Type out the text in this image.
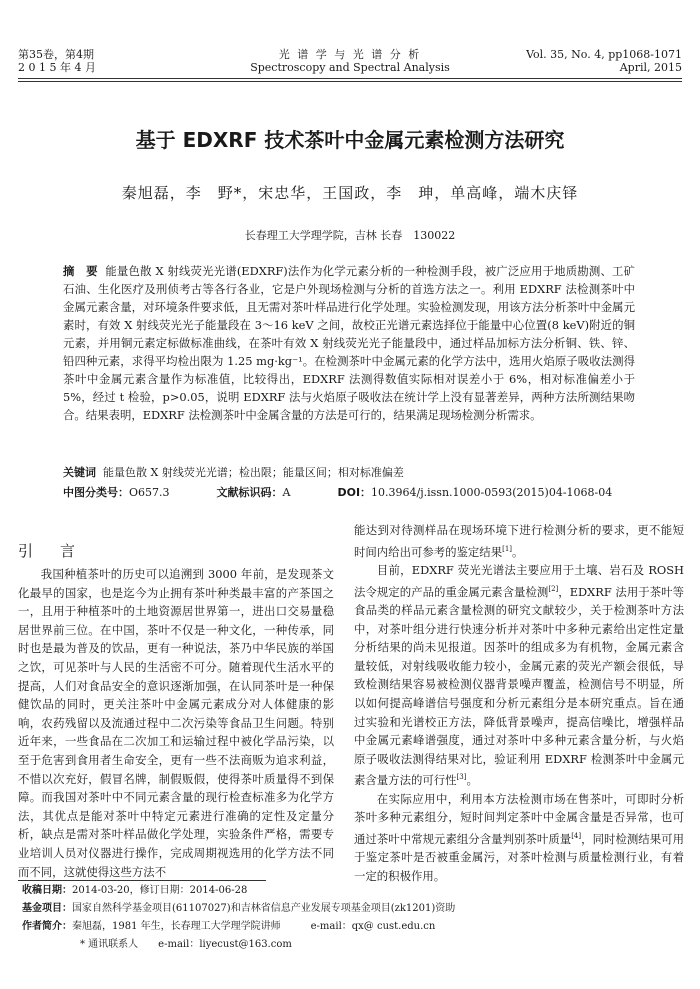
第35卷，第4期
2 0 1 5 年 4 月
光 谱 学 与 光 谱 分 析
Spectroscopy and Spectral Analysis
Vol. 35, No. 4, pp1068-1071
April, 2015
基于 EDXRF 技术茶叶中金属元素检测方法研究
秦旭磊，李　野*，宋忠华，王国政，李　珅，单高峰，端木庆铎
长春理工大学理学院，吉林 长春　130022
摘　要 能量色散 X 射线荧光光谱(EDXRF)法作为化学元素分析的一种检测手段，被广泛应用于地质勘测、工矿石油、生化医疗及刑侦考古等各行各业，它是户外现场检测与分析的首选方法之一。利用 EDXRF 法检测茶叶中金属元素含量，对环境条件要求低，且无需对茶叶样品进行化学处理。实验检测发现，用该方法分析茶叶中金属元素时，有效 X 射线荧光光子能量段在 3～16 keV 之间，故校正光谱元素选择位于能量中心位置(8 keV)附近的铜元素，并用铜元素定标做标准曲线，在茶叶有效 X 射线荧光光子能量段中，通过样品加标方法分析铜、铁、锌、铅四种元素，求得平均检出限为 1.25 mg·kg⁻¹。在检测茶叶中金属元素的化学方法中，选用火焰原子吸收法测得茶叶中金属元素含量作为标准值，比较得出，EDXRF 法测得数值实际相对误差小于 6%，相对标准偏差小于 5%，经过 t 检验，p>0.05，说明 EDXRF 法与火焰原子吸收法在统计学上没有显著差异，两种方法所测结果吻合。结果表明，EDXRF 法检测茶叶中金属含量的方法是可行的，结果满足现场检测分析需求。
关键词 能量色散 X 射线荧光光谱；检出限；能量区间；相对标准偏差
中图分类号：O657.3	文献标识码：A	DOI：10.3964/j.issn.1000-0593(2015)04-1068-04
引　言

我国种植茶叶的历史可以追溯到 3000 年前，是发现茶文化最早的国家，也是迄今为止拥有茶叶种类最丰富的产茶国之一，且用于种植茶叶的土地资源居世界第一，进出口交易量稳居世界前三位。在中国，茶叶不仅是一种文化，一种传承，同时也是最为普及的饮品，更有一种说法，茶乃中华民族的举国之饮，可见茶叶与人民的生活密不可分。随着现代生活水平的提高，人们对食品安全的意识逐渐加强，在认同茶叶是一种保健饮品的同时，更关注茶叶中金属元素成分对人体健康的影响，农药残留以及流通过程中二次污染等食品卫生问题。特别近年来，一些食品在二次加工和运输过程中被化学品污染，以至于危害到食用者生命安全，更有一些不法商贩为追求利益，不惜以次充好，假冒名牌，制假贩假，使得茶叶质量得不到保障。而我国对茶叶中不同元素含量的现行检查标准多为化学方法，其优点是能对茶叶中特定元素进行准确的定性及定量分析，缺点是需对茶叶样品做化学处理，实验条件严格，需要专业培训人员对仪器进行操作，完成周期视选用的化学方法不同而不同，这就使得这些方法不

能达到对待测样品在现场环境下进行检测分析的要求，更不能短时间内给出可参考的鉴定结果[1]。

目前，EDXRF 荧光光谱法主要应用于土壤、岩石及 ROSH 法令规定的产品的重金属元素含量检测[2]，EDXRF 法用于茶叶等食品类的样品元素含量检测的研究文献较少，关于检测茶叶方法中，对茶叶组分进行快速分析并对茶叶中多种元素给出定性定量分析结果的尚未见报道。因茶叶的组成多为有机物，金属元素含量较低，对射线吸收能力较小，金属元素的荧光产额会很低，导致检测结果容易被检测仪器背景噪声覆盖，检测信号不明显，所以如何提高峰谱信号强度和分析元素组分是本研究重点。旨在通过实验和光谱校正方法，降低背景噪声，提高信噪比，增强样品中金属元素峰谱强度，通过对茶叶中多种元素含量分析，与火焰原子吸收法测得结果对比，验证利用 EDXRF 检测茶叶中金属元素含量方法的可行性[3]。

在实际应用中，利用本方法检测市场在售茶叶，可即时分析茶叶多种元素组分，短时间判定茶叶中金属含量是否异常，也可通过茶叶中常规元素组分含量判别茶叶质量[4]，同时检测结果可用于鉴定茶叶是否被重金属污，对茶叶检测与质量检测行业，有着一定的积极作用。

收稿日期：2014-03-20，修订日期：2014-06-28
基金项目：国家自然科学基金项目(61107027)和吉林省信息产业发展专项基金项目(zk1201)资助
作者简介：秦旭磊，1981 年生，长春理工大学理学院讲师　　　e-mail：qx@ cust.edu.cn
* 通讯联系人　　e-mail：liyecust@163.com
